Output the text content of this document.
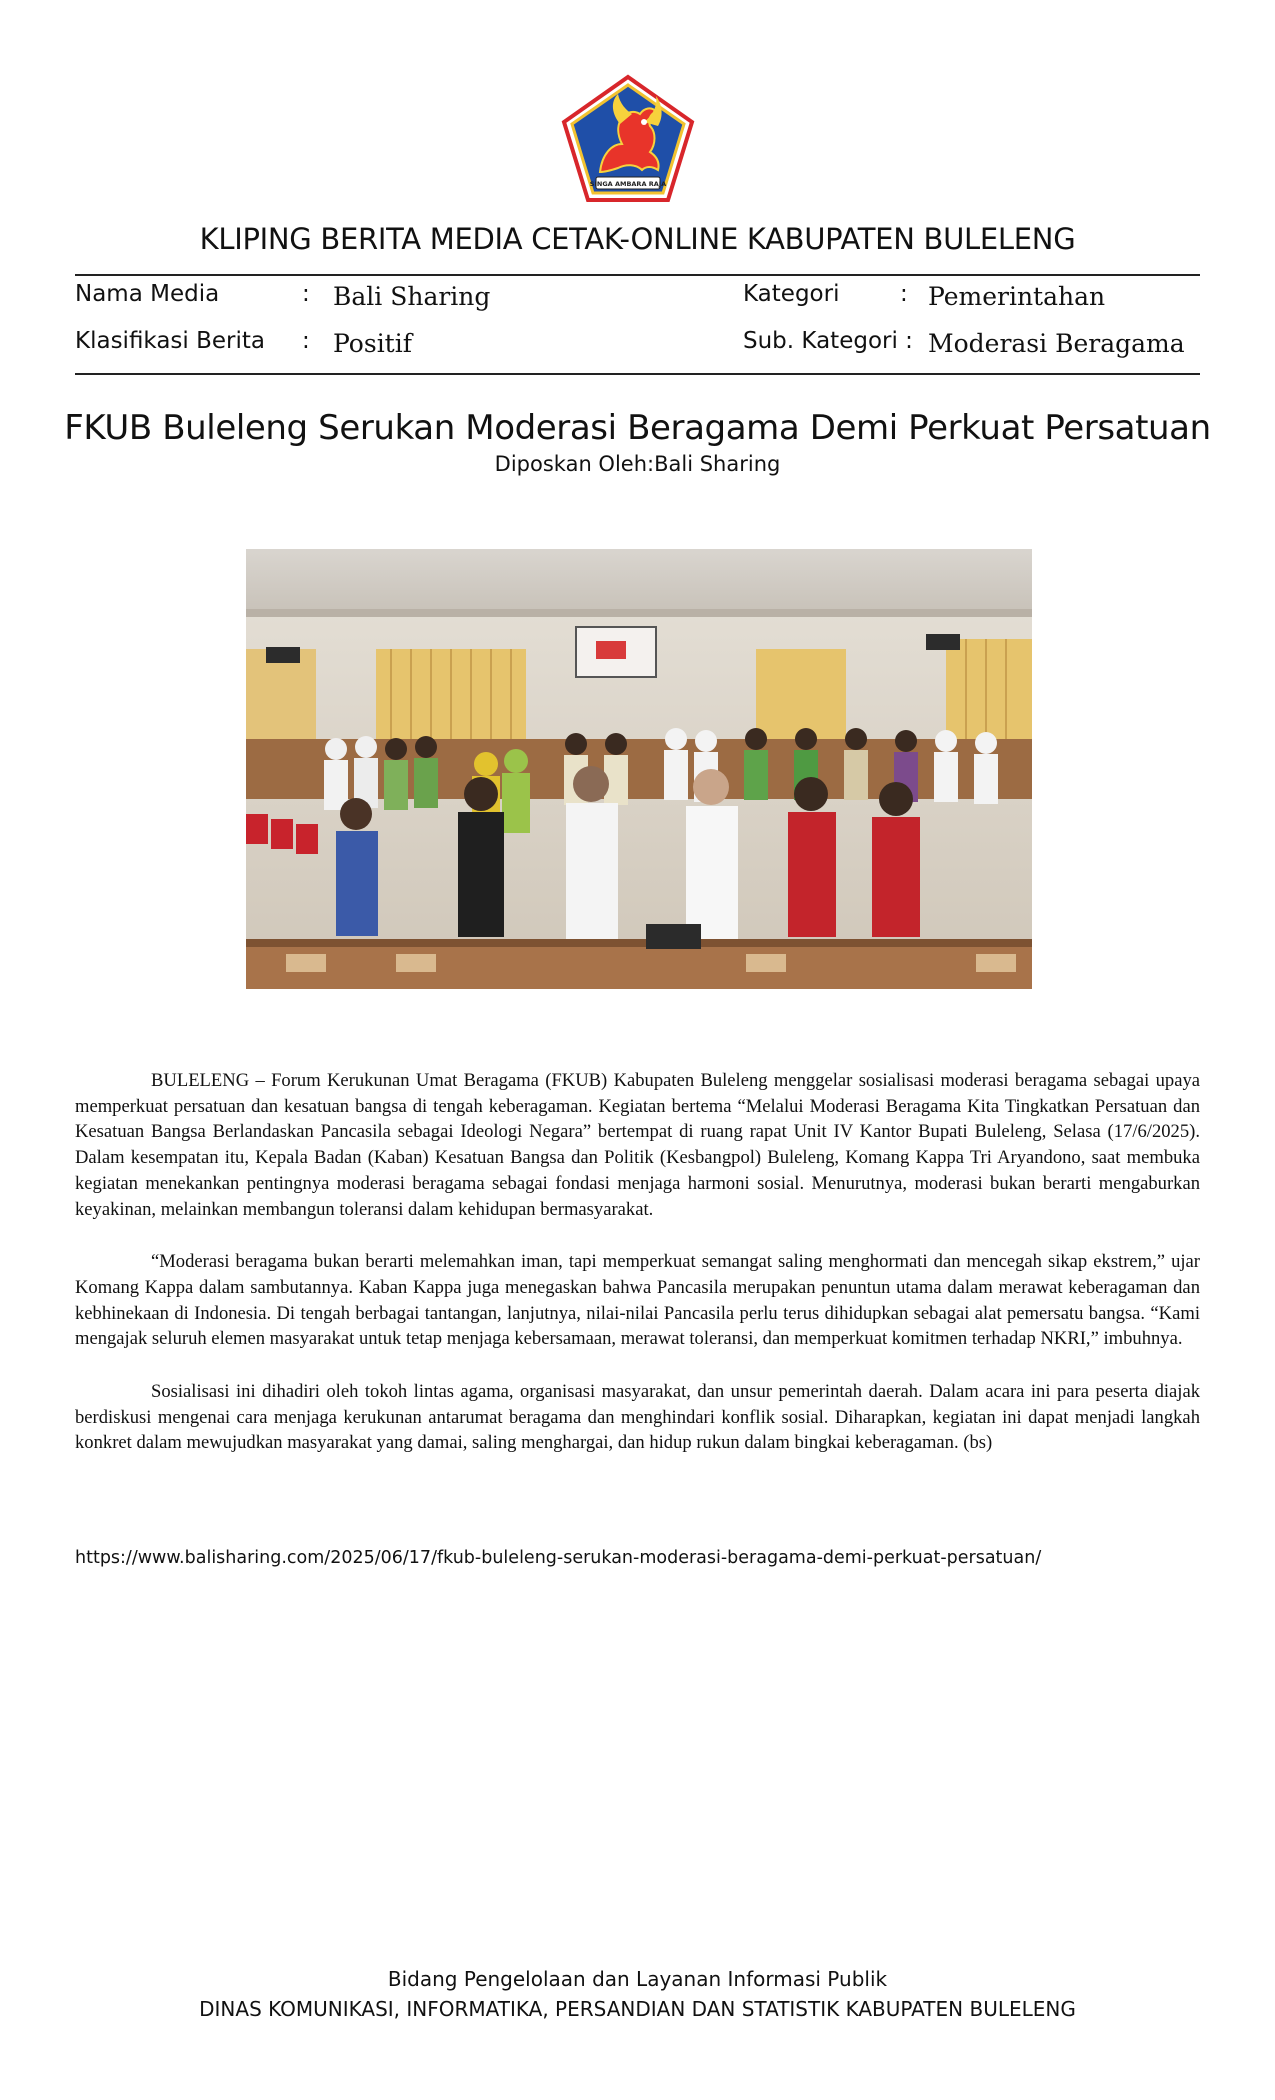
SINGA AMBARA RAJA
KLIPING BERITA MEDIA CETAK-ONLINE KABUPATEN BULELENG
Nama Media	: Bali Sharing	Kategori	: Pemerintahan
Klasifikasi Berita : Positif	Sub. Kategori : Moderasi Beragama
FKUB Buleleng Serukan Moderasi Beragama Demi Perkuat Persatuan
Diposkan Oleh:Bali Sharing

BULELENG – Forum Kerukunan Umat Beragama (FKUB) Kabupaten Buleleng menggelar sosialisasi moderasi beragama sebagai upaya memperkuat persatuan dan kesatuan bangsa di tengah keberagaman. Kegiatan bertema “Melalui Moderasi Beragama Kita Tingkatkan Persatuan dan Kesatuan Bangsa Berlandaskan Pancasila sebagai Ideologi Negara” bertempat di ruang rapat Unit IV Kantor Bupati Buleleng, Selasa (17/6/2025). Dalam kesempatan itu, Kepala Badan (Kaban) Kesatuan Bangsa dan Politik (Kesbangpol) Buleleng, Komang Kappa Tri Aryandono, saat membuka kegiatan menekankan pentingnya moderasi beragama sebagai fondasi menjaga harmoni sosial. Menurutnya, moderasi bukan berarti mengaburkan keyakinan, melainkan membangun toleransi dalam kehidupan bermasyarakat.

“Moderasi beragama bukan berarti melemahkan iman, tapi memperkuat semangat saling menghormati dan mencegah sikap ekstrem,” ujar Komang Kappa dalam sambutannya. Kaban Kappa juga menegaskan bahwa Pancasila merupakan penuntun utama dalam merawat keberagaman dan kebhinekaan di Indonesia. Di tengah berbagai tantangan, lanjutnya, nilai-nilai Pancasila perlu terus dihidupkan sebagai alat pemersatu bangsa. “Kami mengajak seluruh elemen masyarakat untuk tetap menjaga kebersamaan, merawat toleransi, dan memperkuat komitmen terhadap NKRI,” imbuhnya.

Sosialisasi ini dihadiri oleh tokoh lintas agama, organisasi masyarakat, dan unsur pemerintah daerah. Dalam acara ini para peserta diajak berdiskusi mengenai cara menjaga kerukunan antarumat beragama dan menghindari konflik sosial. Diharapkan, kegiatan ini dapat menjadi langkah konkret dalam mewujudkan masyarakat yang damai, saling menghargai, dan hidup rukun dalam bingkai keberagaman. (bs)

https://www.balisharing.com/2025/06/17/fkub-buleleng-serukan-moderasi-beragama-demi-perkuat-persatuan/
Bidang Pengelolaan dan Layanan Informasi Publik
DINAS KOMUNIKASI, INFORMATIKA, PERSANDIAN DAN STATISTIK KABUPATEN BULELENG
